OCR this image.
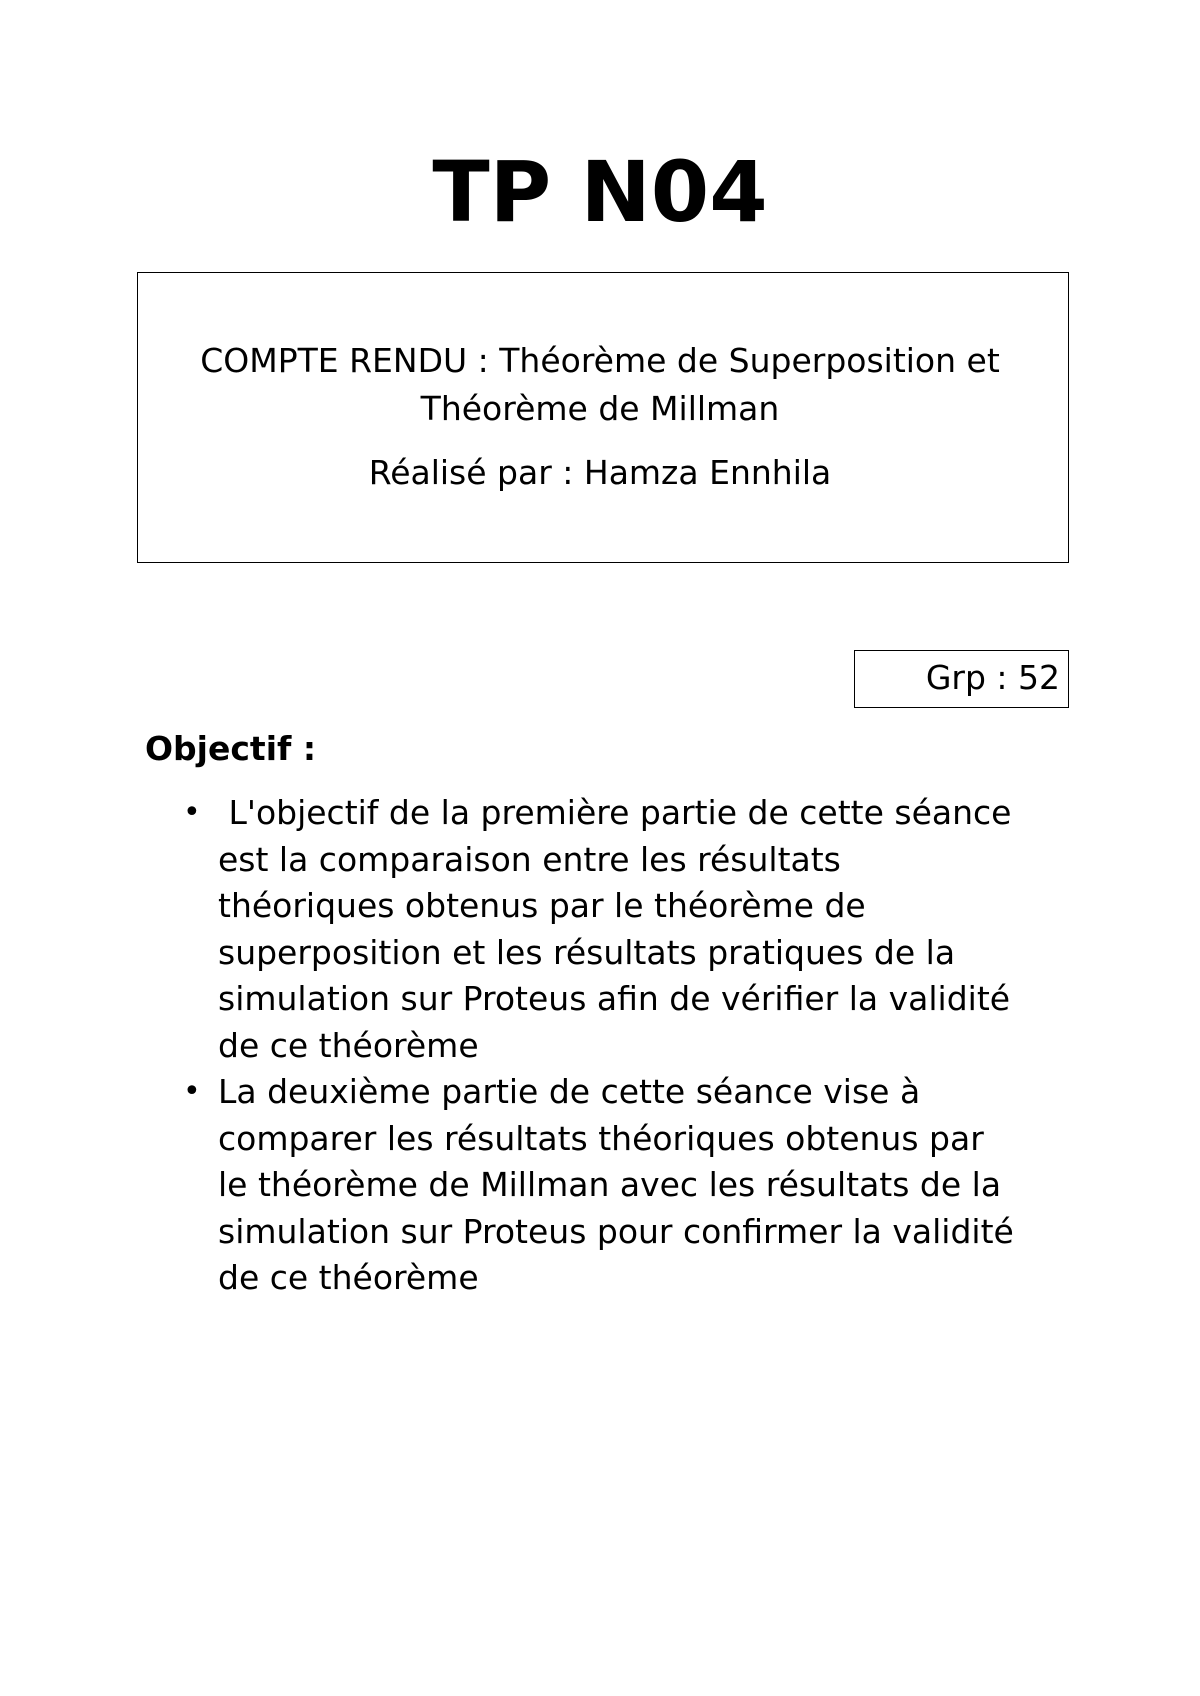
TP N04
COMPTE RENDU : Théorème de Superposition et
Théorème de Millman
Réalisé par : Hamza Ennhila
Grp : 52
Objectif :
• L'objectif de la première partie de cette séance
est la comparaison entre les résultats
théoriques obtenus par le théorème de
superposition et les résultats pratiques de la
simulation sur Proteus afin de vérifier la validité
de ce théorème
• La deuxième partie de cette séance vise à
comparer les résultats théoriques obtenus par
le théorème de Millman avec les résultats de la
simulation sur Proteus pour confirmer la validité
de ce théorème
